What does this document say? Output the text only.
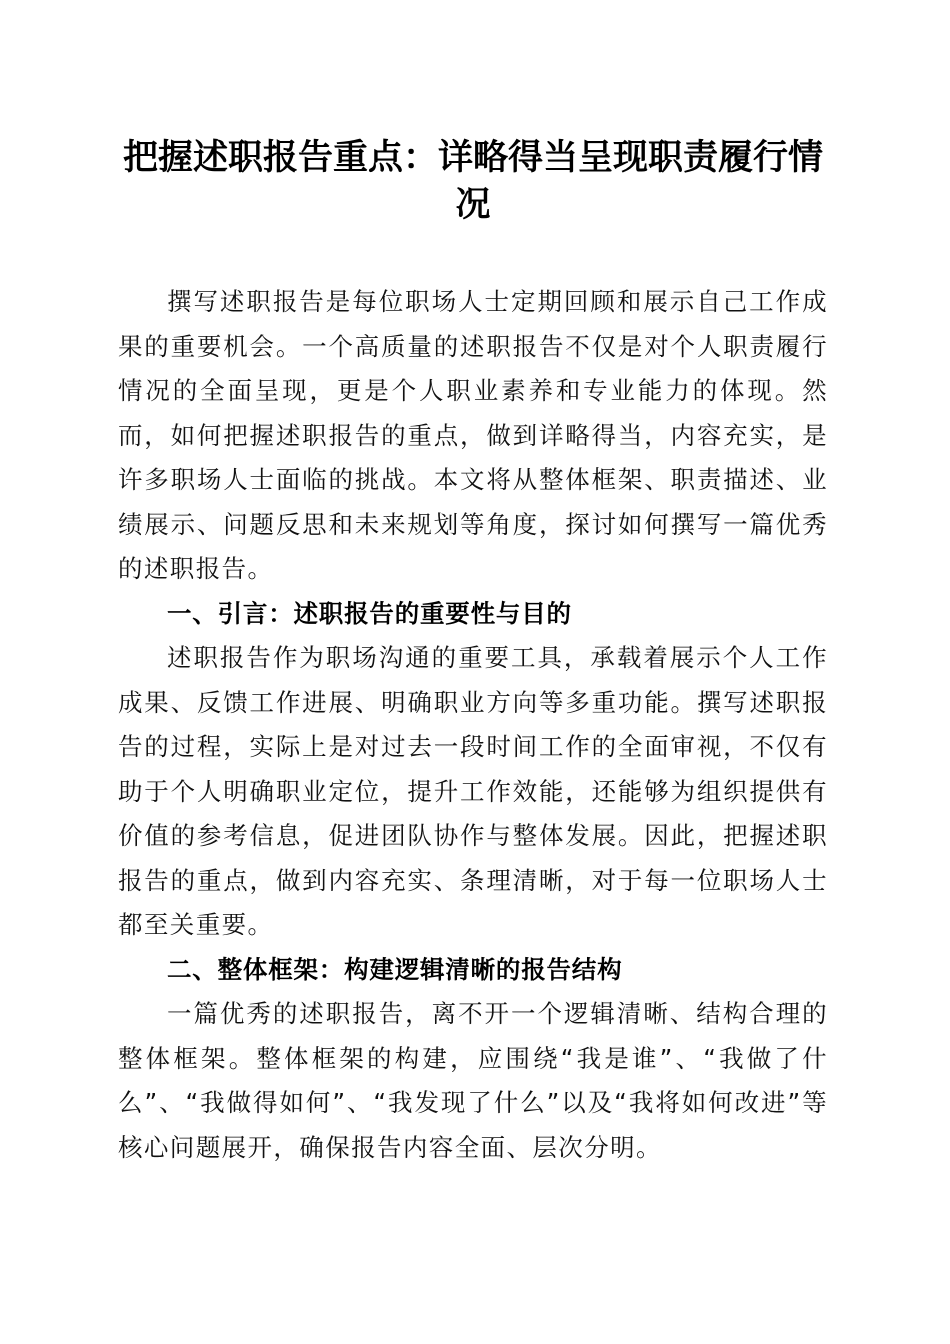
把握述职报告重点：详略得当呈现职责履行情况

撰写述职报告是每位职场人士定期回顾和展示自己工作成果的重要机会。一个高质量的述职报告不仅是对个人职责履行情况的全面呈现，更是个人职业素养和专业能力的体现。然而，如何把握述职报告的重点，做到详略得当，内容充实，是许多职场人士面临的挑战。本文将从整体框架、职责描述、业绩展示、问题反思和未来规划等角度，探讨如何撰写一篇优秀的述职报告。

一、引言：述职报告的重要性与目的

述职报告作为职场沟通的重要工具，承载着展示个人工作成果、反馈工作进展、明确职业方向等多重功能。撰写述职报告的过程，实际上是对过去一段时间工作的全面审视，不仅有助于个人明确职业定位，提升工作效能，还能够为组织提供有价值的参考信息，促进团队协作与整体发展。因此，把握述职报告的重点，做到内容充实、条理清晰，对于每一位职场人士都至关重要。

二、整体框架：构建逻辑清晰的报告结构

一篇优秀的述职报告，离不开一个逻辑清晰、结构合理的整体框架。整体框架的构建，应围绕“我是谁”、“我做了什么”、“我做得如何”、“我发现了什么”以及“我将如何改进”等核心问题展开，确保报告内容全面、层次分明。
